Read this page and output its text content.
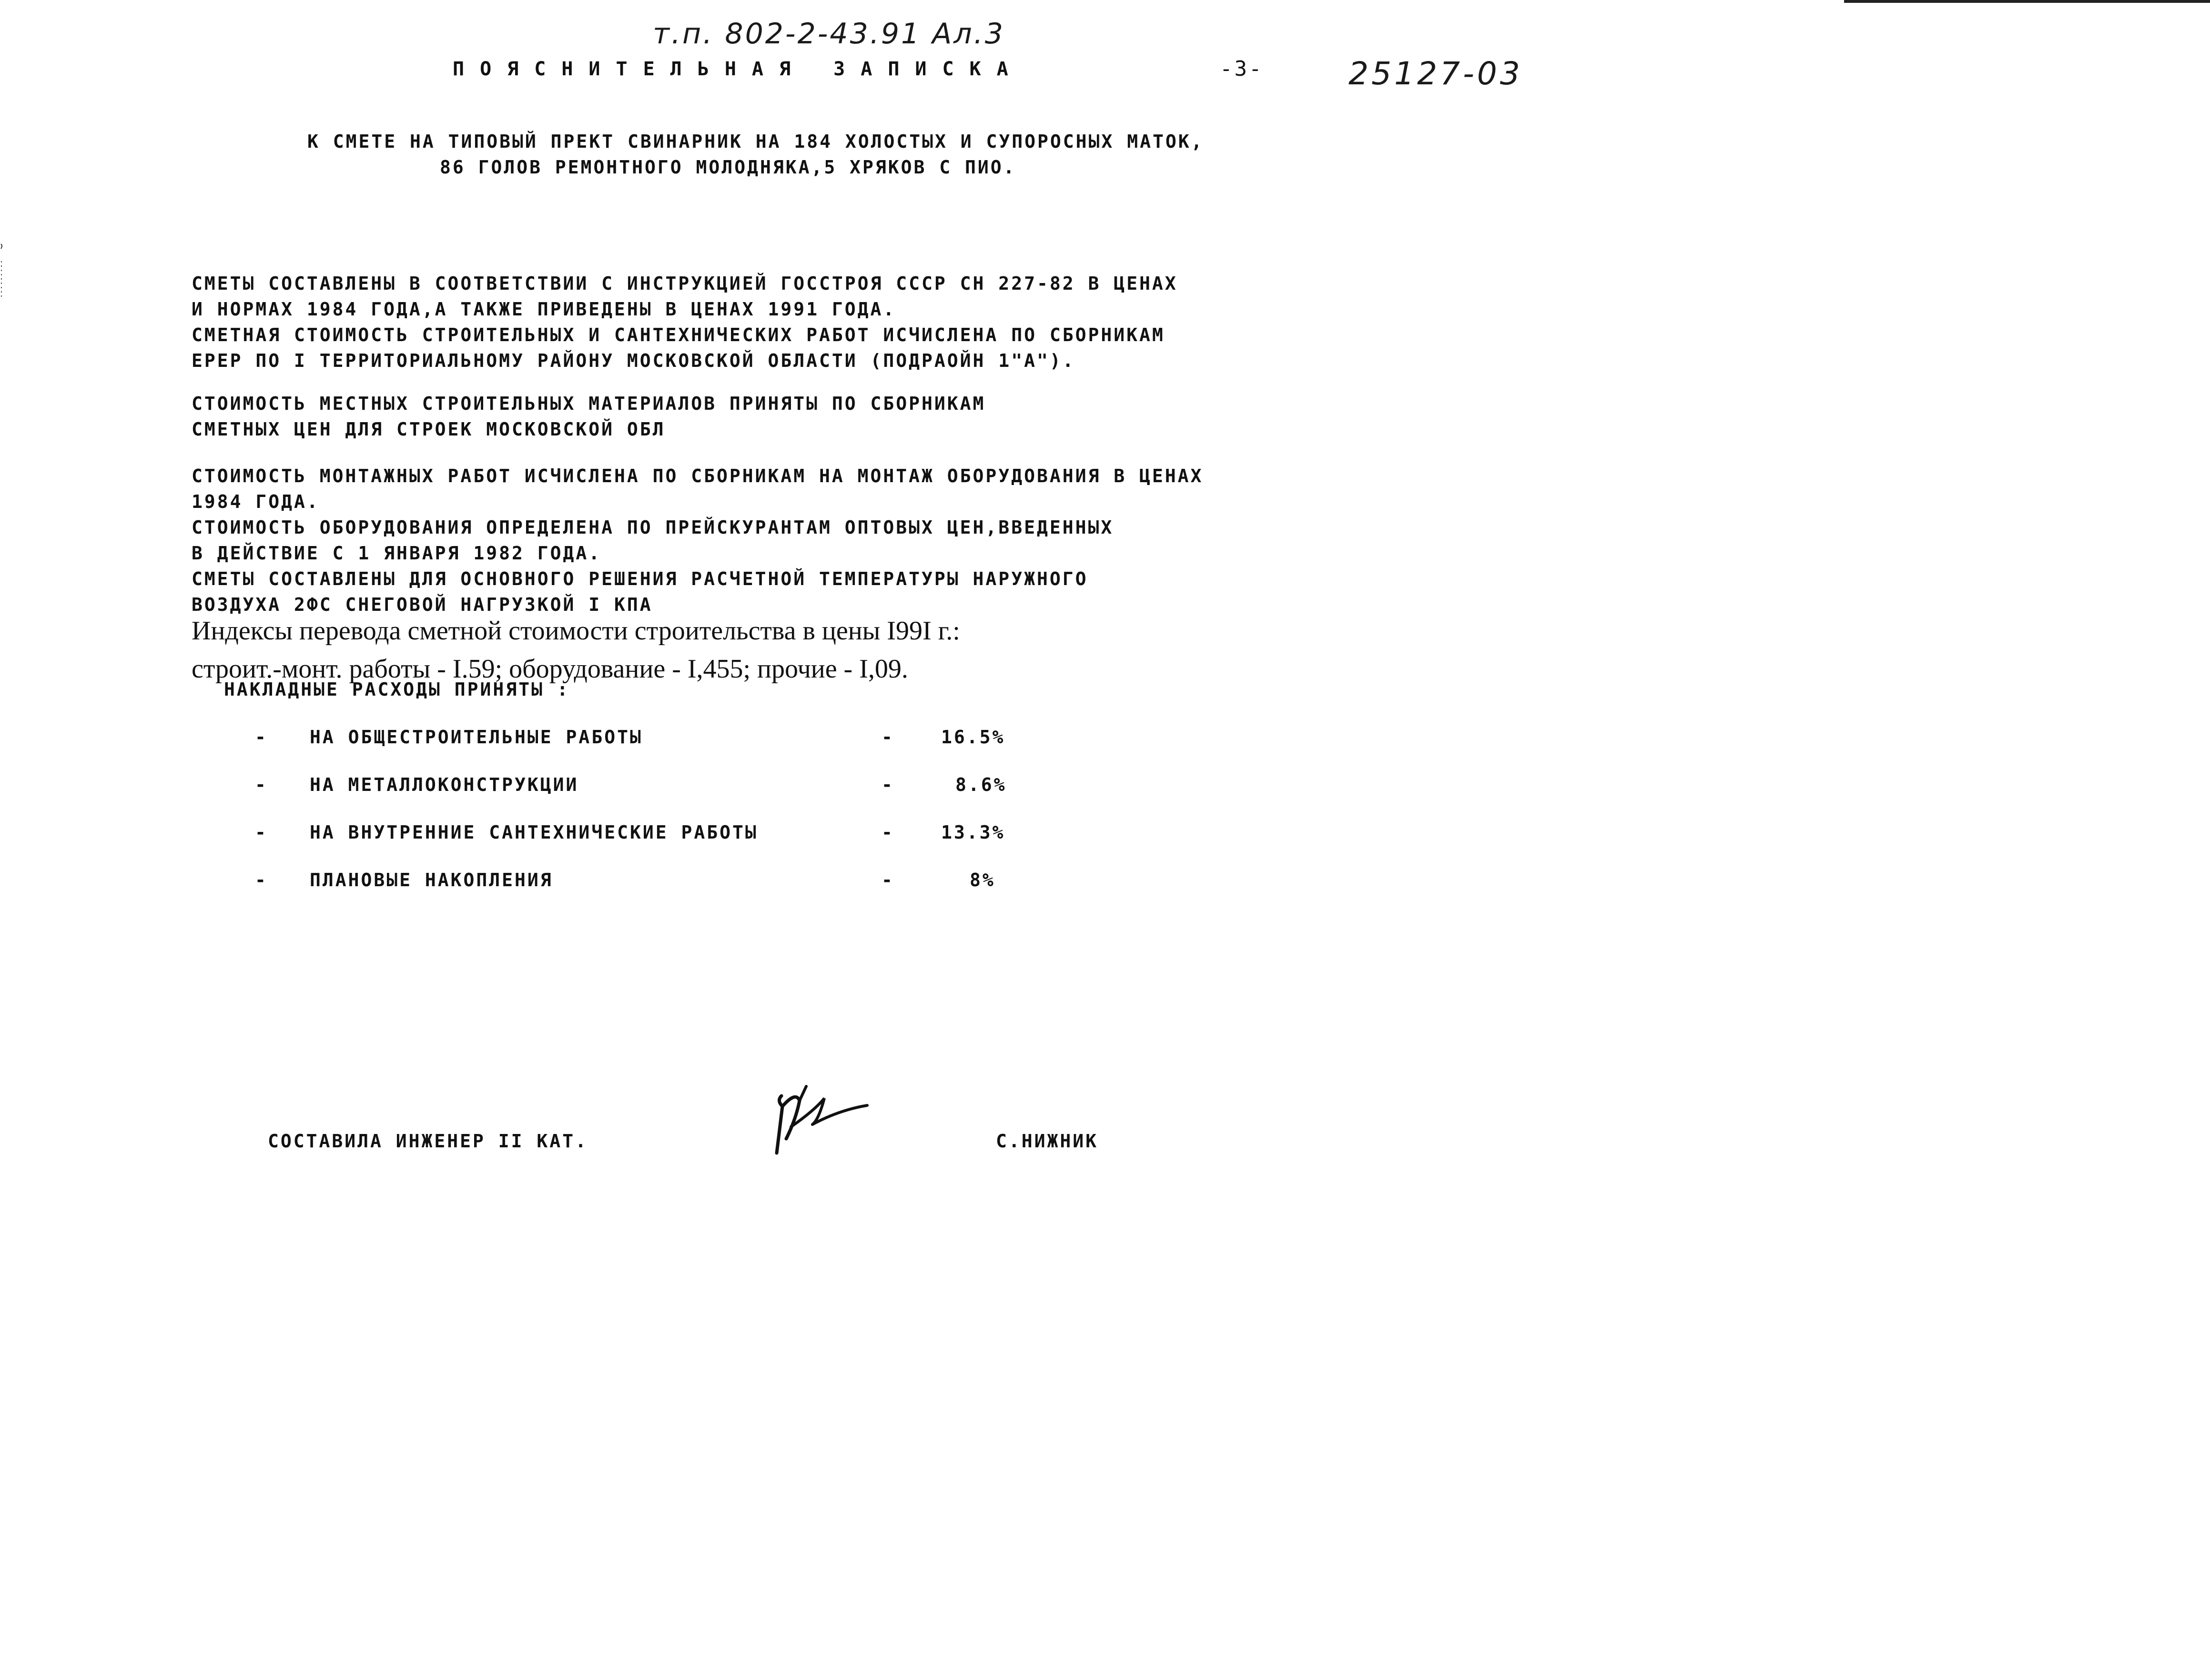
т.п. 802-2-43.91 Ал.3
ПОЯСНИТЕЛЬНАЯ ЗАПИСКА	-3-	25127-03
К СМЕТЕ НА ТИПОВЫЙ ПРЕКТ СВИНАРНИК НА 184 ХОЛОСТЫХ И СУПОРОСНЫХ МАТОК,
86 ГОЛОВ РЕМОНТНОГО МОЛОДНЯКА,5 ХРЯКОВ С ПИО.
СМЕТЫ СОСТАВЛЕНЫ В СООТВЕТСТВИИ С ИНСТРУКЦИЕЙ ГОССТРОЯ СССР СН 227-82 В ЦЕНАХ
И НОРМАХ 1984 ГОДА,А ТАКЖЕ ПРИВЕДЕНЫ В ЦЕНАХ 1991 ГОДА.
СМЕТНАЯ СТОИМОСТЬ СТРОИТЕЛЬНЫХ И САНТЕХНИЧЕСКИХ РАБОТ ИСЧИСЛЕНА ПО СБОРНИКАМ
ЕРЕР ПО I ТЕРРИТОРИАЛЬНОМУ РАЙОНУ МОСКОВСКОЙ ОБЛАСТИ (ПОДРАОЙН 1"А").
СТОИМОСТЬ МЕСТНЫХ СТРОИТЕЛЬНЫХ МАТЕРИАЛОВ ПРИНЯТЫ ПО СБОРНИКАМ
СМЕТНЫХ ЦЕН ДЛЯ СТРОЕК МОСКОВСКОЙ ОБЛ
СТОИМОСТЬ МОНТАЖНЫХ РАБОТ ИСЧИСЛЕНА ПО СБОРНИКАМ НА МОНТАЖ ОБОРУДОВАНИЯ В ЦЕНАХ
1984 ГОДА.
СТОИМОСТЬ ОБОРУДОВАНИЯ ОПРЕДЕЛЕНА ПО ПРЕЙСКУРАНТАМ ОПТОВЫХ ЦЕН,ВВЕДЕННЫХ
В ДЕЙСТВИЕ С 1 ЯНВАРЯ 1982 ГОДА.
СМЕТЫ СОСТАВЛЕНЫ ДЛЯ ОСНОВНОГО РЕШЕНИЯ РАСЧЕТНОЙ ТЕМПЕРАТУРЫ НАРУЖНОГО
ВОЗДУХА 2ФС СНЕГОВОЙ НАГРУЗКОЙ I КПА
Индексы перевода сметной стоимости строительства в цены I99I г.:
строит.-монт. работы - I.59; оборудование - I,455; прочие - I,09.
НАКЛАДНЫЕ РАСХОДЫ ПРИНЯТЫ :
- НА ОБЩЕСТРОИТЕЛЬНЫЕ РАБОТЫ	-	16.5%
- НА МЕТАЛЛОКОНСТРУКЦИИ	-	8.6%
- НА ВНУТРЕННИЕ САНТЕХНИЧЕСКИЕ РАБОТЫ	-	13.3%
- ПЛАНОВЫЕ НАКОПЛЕНИЯ	-	8%
СОСТАВИЛА ИНЖЕНЕР II КАТ.	С.НИЖНИК
